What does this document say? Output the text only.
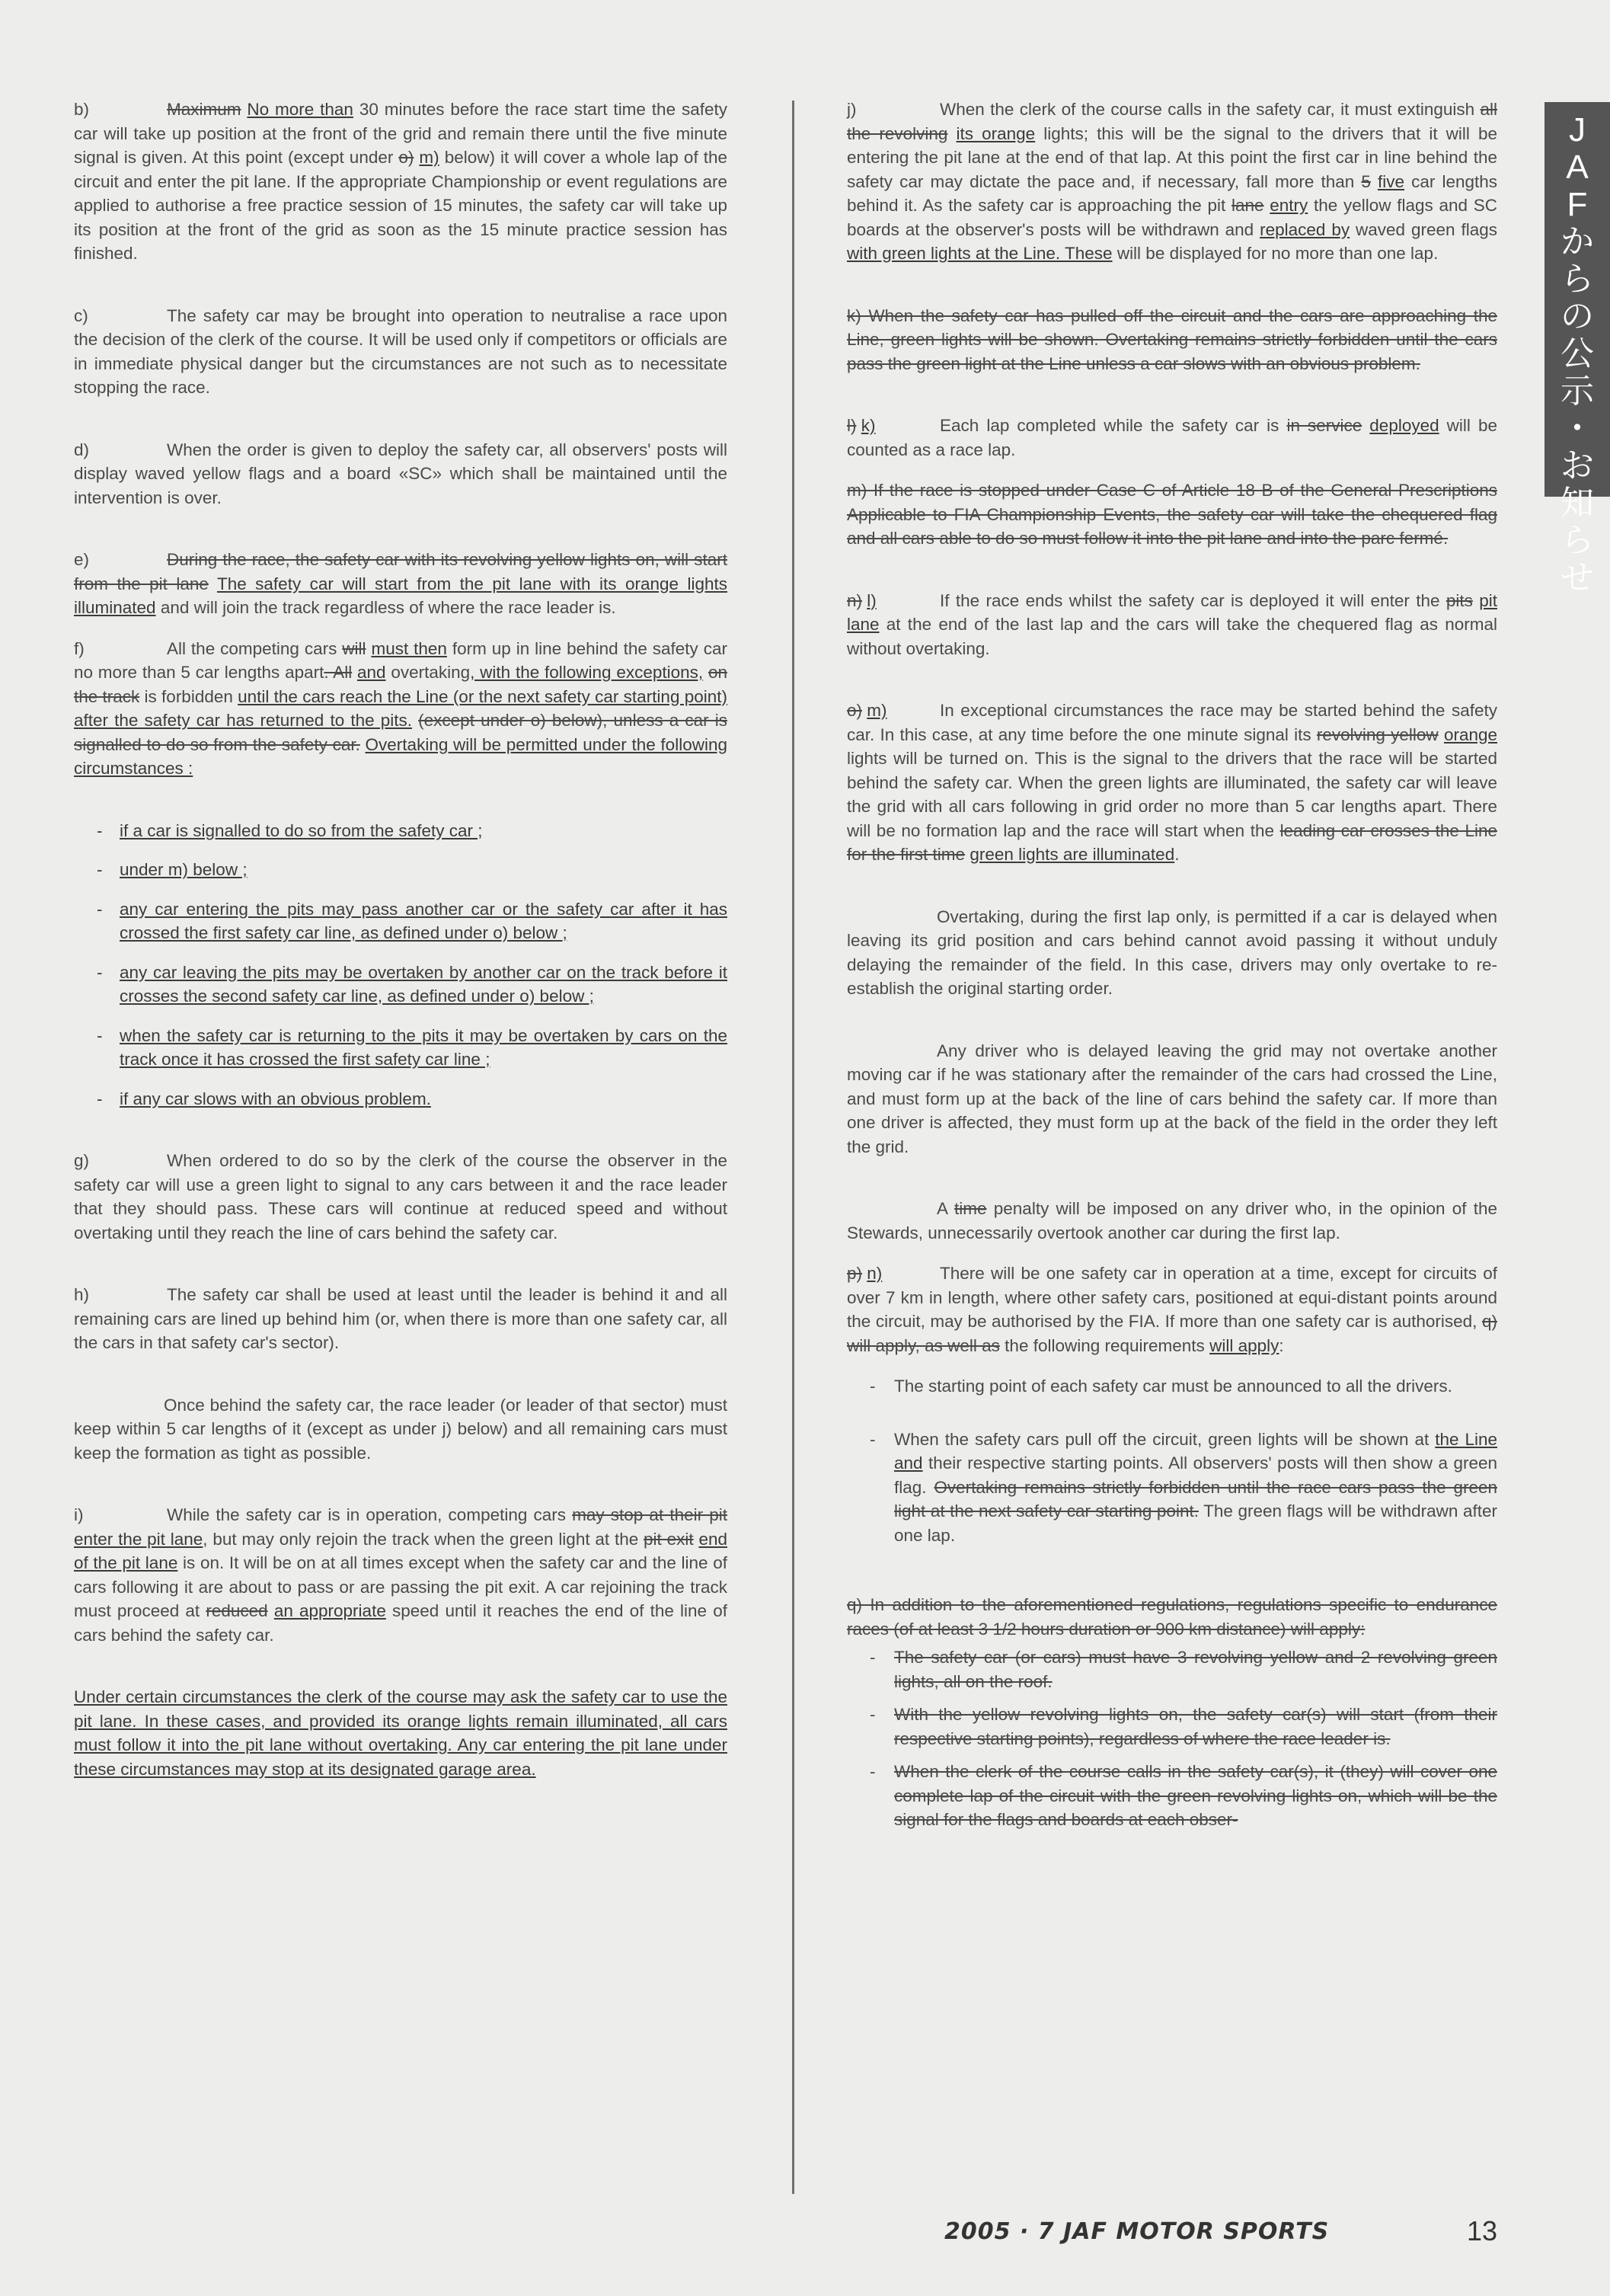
J
A
F
か
ら
の
公
示
・
お
知
ら
せ

b)	Maximum No more than 30 minutes before the race start time the safety car will take up position at the front of the grid and remain there until the five minute signal is given. At this point (except under o) m) below) it will cover a whole lap of the circuit and enter the pit lane. If the appropriate Championship or event regulations are applied to authorise a free practice session of 15 minutes, the safety car will take up its position at the front of the grid as soon as the 15 minute practice session has finished.

c)	The safety car may be brought into operation to neutralise a race upon the decision of the clerk of the course. It will be used only if competitors or officials are in immediate physical danger but the circumstances are not such as to necessitate stopping the race.

d)	When the order is given to deploy the safety car, all observers' posts will display waved yellow flags and a board «SC» which shall be maintained until the intervention is over.

e)	During the race, the safety car with its revolving yellow lights on, will start from the pit lane The safety car will start from the pit lane with its orange lights illuminated and will join the track regardless of where the race leader is.

f)	All the competing cars will must then form up in line behind the safety car no more than 5 car lengths apart. All and overtaking, with the following exceptions, on the track is forbidden until the cars reach the Line (or the next safety car starting point) after the safety car has returned to the pits. (except under o) below), unless a car is signalled to do so from the safety car. Overtaking will be permitted under the following circumstances :

- if a car is signalled to do so from the safety car ;
- under m) below ;
- any car entering the pits may pass another car or the safety car after it has crossed the first safety car line, as defined under o) below ;
- any car leaving the pits may be overtaken by another car on the track before it crosses the second safety car line, as defined under o) below ;
- when the safety car is returning to the pits it may be overtaken by cars on the track once it has crossed the first safety car line ;
- if any car slows with an obvious problem.

g)	When ordered to do so by the clerk of the course the observer in the safety car will use a green light to signal to any cars between it and the race leader that they should pass. These cars will continue at reduced speed and without overtaking until they reach the line of cars behind the safety car.

h)	The safety car shall be used at least until the leader is behind it and all remaining cars are lined up behind him (or, when there is more than one safety car, all the cars in that safety car's sector).

Once behind the safety car, the race leader (or leader of that sector) must keep within 5 car lengths of it (except as under j) below) and all remaining cars must keep the formation as tight as possible.

i)	While the safety car is in operation, competing cars may stop at their pit enter the pit lane, but may only rejoin the track when the green light at the pit exit end of the pit lane is on. It will be on at all times except when the safety car and the line of cars following it are about to pass or are passing the pit exit. A car rejoining the track must proceed at reduced an appropriate speed until it reaches the end of the line of cars behind the safety car.

Under certain circumstances the clerk of the course may ask the safety car to use the pit lane. In these cases, and provided its orange lights remain illuminated, all cars must follow it into the pit lane without overtaking. Any car entering the pit lane under these circumstances may stop at its designated garage area.

j)	When the clerk of the course calls in the safety car, it must extinguish all the revolving its orange lights; this will be the signal to the drivers that it will be entering the pit lane at the end of that lap. At this point the first car in line behind the safety car may dictate the pace and, if necessary, fall more than 5 five car lengths behind it. As the safety car is approaching the pit lane entry the yellow flags and SC boards at the observer's posts will be withdrawn and replaced by waved green flags with green lights at the Line. These will be displayed for no more than one lap.

k) When the safety car has pulled off the circuit and the cars are approaching the Line, green lights will be shown. Overtaking remains strictly forbidden until the cars pass the green light at the Line unless a car slows with an obvious problem.

l) k)	Each lap completed while the safety car is in service deployed will be counted as a race lap.

m) If the race is stopped under Case C of Article 18 B of the General Prescriptions Applicable to FIA Championship Events, the safety car will take the chequered flag and all cars able to do so must follow it into the pit lane and into the parc fermé.

n) l)	If the race ends whilst the safety car is deployed it will enter the pits pit lane at the end of the last lap and the cars will take the chequered flag as normal without overtaking.

o) m)	In exceptional circumstances the race may be started behind the safety car. In this case, at any time before the one minute signal its revolving yellow orange lights will be turned on. This is the signal to the drivers that the race will be started behind the safety car. When the green lights are illuminated, the safety car will leave the grid with all cars following in grid order no more than 5 car lengths apart. There will be no formation lap and the race will start when the leading car crosses the Line for the first time green lights are illuminated.

Overtaking, during the first lap only, is permitted if a car is delayed when leaving its grid position and cars behind cannot avoid passing it without unduly delaying the remainder of the field. In this case, drivers may only overtake to re-establish the original starting order.

Any driver who is delayed leaving the grid may not overtake another moving car if he was stationary after the remainder of the cars had crossed the Line, and must form up at the back of the line of cars behind the safety car. If more than one driver is affected, they must form up at the back of the field in the order they left the grid.

A time penalty will be imposed on any driver who, in the opinion of the Stewards, unnecessarily overtook another car during the first lap.

p) n)	There will be one safety car in operation at a time, except for circuits of over 7 km in length, where other safety cars, positioned at equi-distant points around the circuit, may be authorised by the FIA. If more than one safety car is authorised, q) will apply, as well as the following requirements will apply:

- The starting point of each safety car must be announced to all the drivers.
- When the safety cars pull off the circuit, green lights will be shown at the Line and their respective starting points. All observers' posts will then show a green flag. Overtaking remains strictly forbidden until the race cars pass the green light at the next safety car starting point. The green flags will be withdrawn after one lap.

q) In addition to the aforementioned regulations, regulations specific to endurance races (of at least 3 1/2 hours duration or 900 km distance) will apply:

- The safety car (or cars) must have 3 revolving yellow and 2 revolving green lights, all on the roof.
- With the yellow revolving lights on, the safety car(s) will start (from their respective starting points), regardless of where the race leader is.
- When the clerk of the course calls in the safety car(s), it (they) will cover one complete lap of the circuit with the green revolving lights on, which will be the signal for the flags and boards at each obser-
2005 · 7 JAF MOTOR SPORTS	13
